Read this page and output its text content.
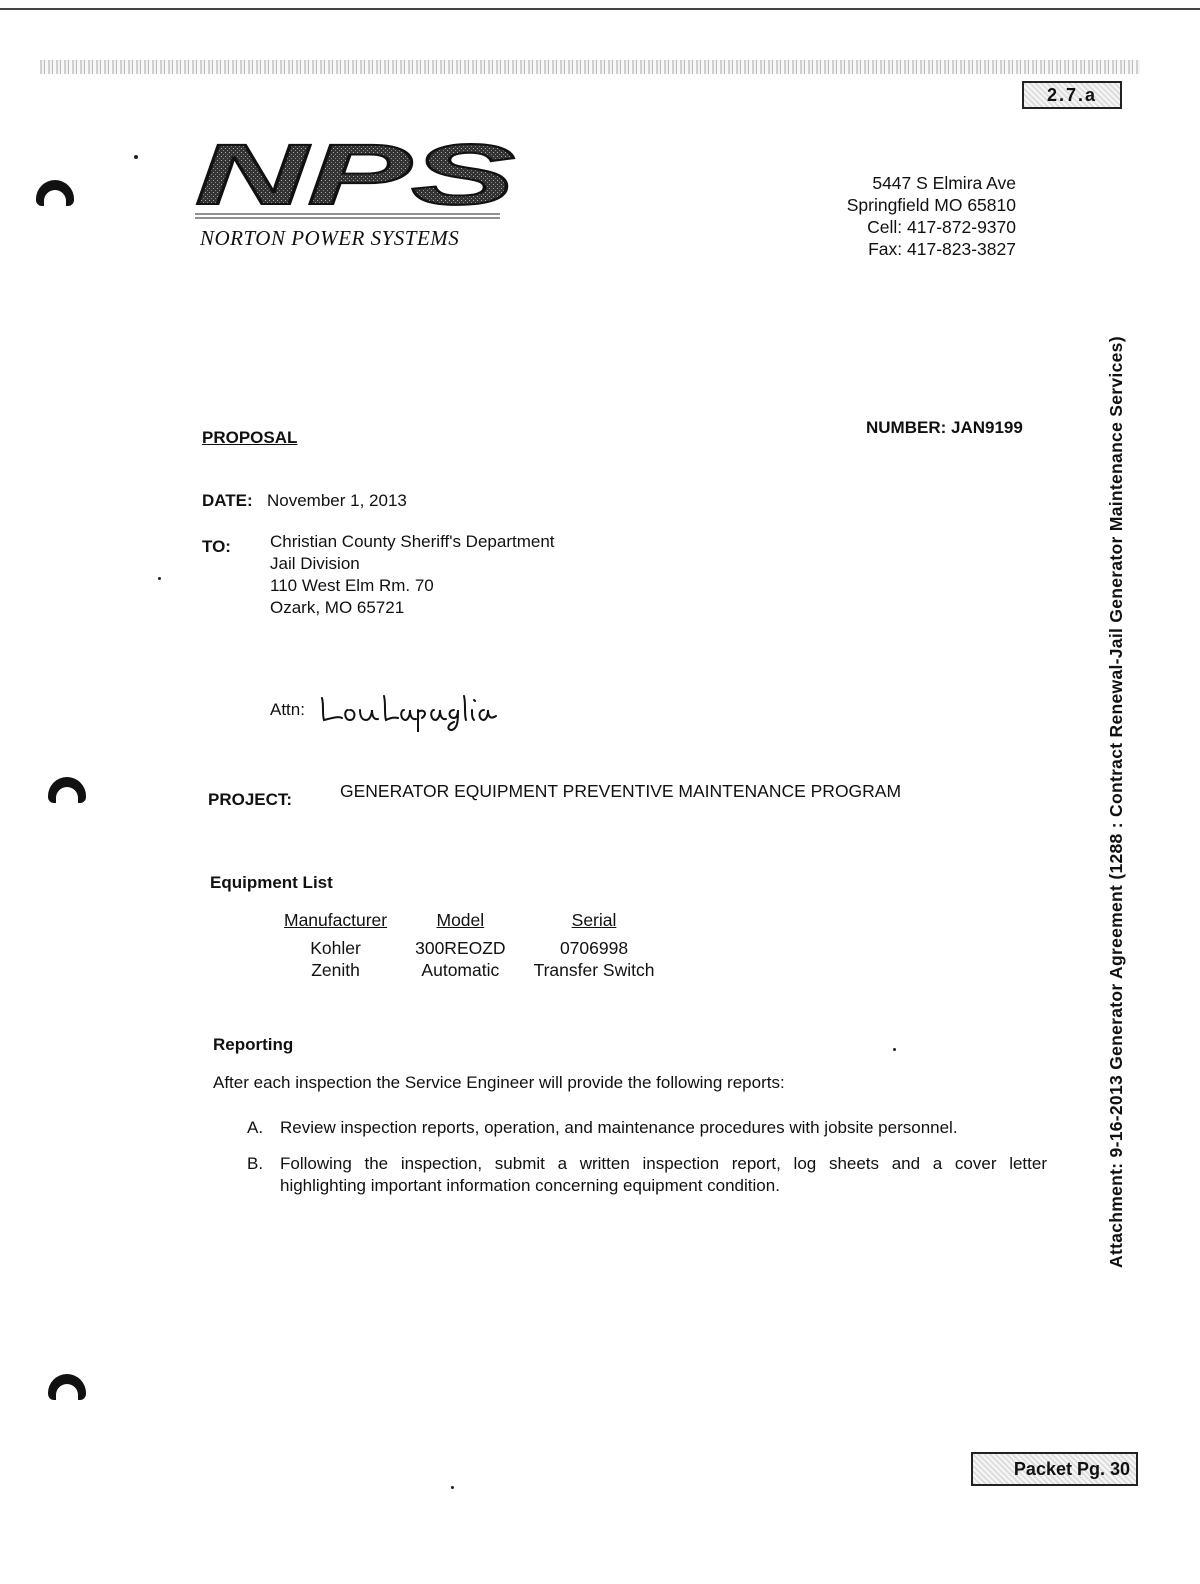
2.7.a
NPS
NORTON POWER SYSTEMS
5447 S Elmira Ave
Springfield MO 65810
Cell: 417-872-9370
Fax: 417-823-3827
Attachment: 9-16-2013 Generator Agreement (1288 : Contract Renewal-Jail Generator Maintenance Services)
PROPOSAL
NUMBER: JAN9199
DATE: November 1, 2013
TO: Christian County Sheriff's Department
Jail Division
110 West Elm Rm. 70
Ozark, MO 65721
Attn:
PROJECT:	GENERATOR EQUIPMENT PREVENTIVE MAINTENANCE PROGRAM
Equipment List
Manufacturer	Model	Serial
Kohler	300REOZD	0706998
Zenith	Automatic	Transfer Switch
Reporting
After each inspection the Service Engineer will provide the following reports:
A. Review inspection reports, operation, and maintenance procedures with jobsite personnel.
B. Following the inspection, submit a written inspection report, log sheets and a cover letter
highlighting important information concerning equipment condition.
Packet Pg. 30
